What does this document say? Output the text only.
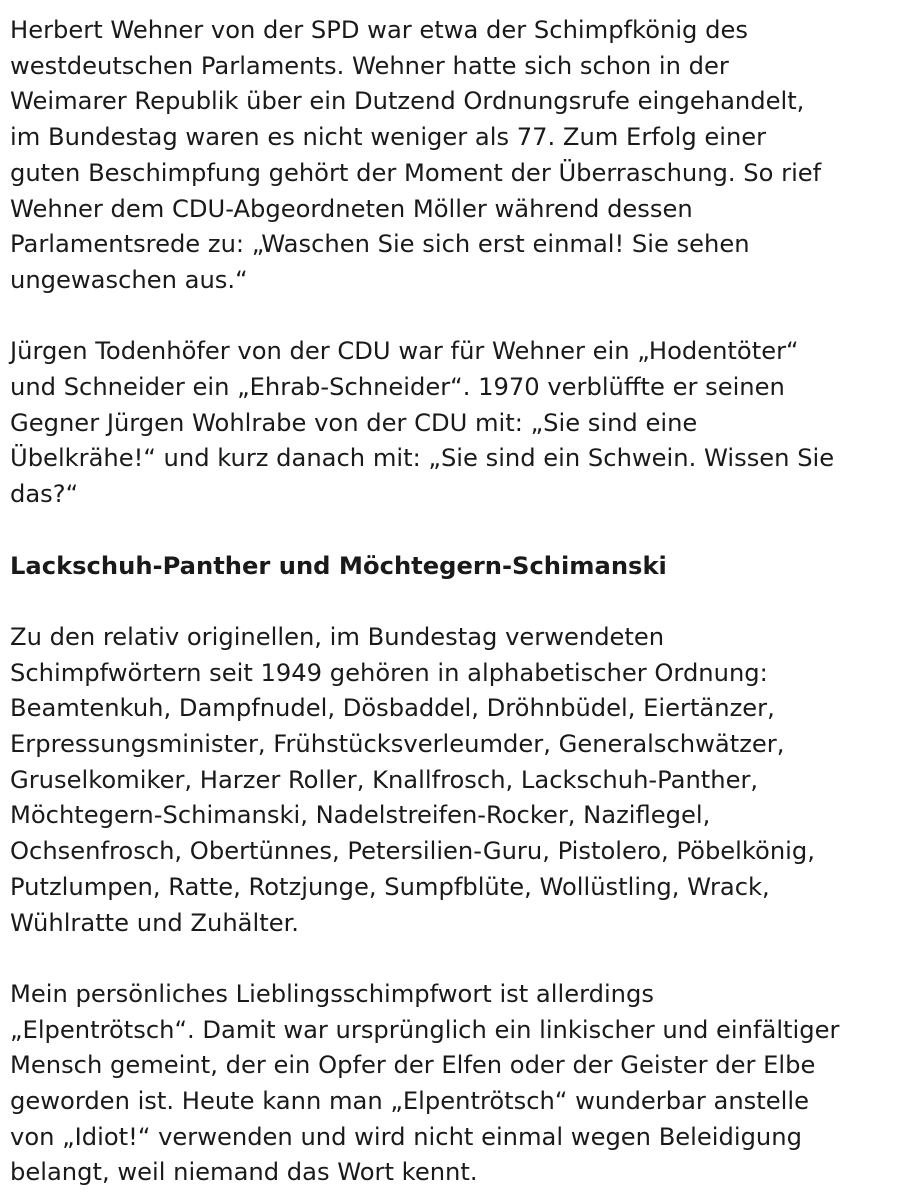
Herbert Wehner von der SPD war etwa der Schimpfkönig des
westdeutschen Parlaments. Wehner hatte sich schon in der
Weimarer Republik über ein Dutzend Ordnungsrufe eingehandelt,
im Bundestag waren es nicht weniger als 77. Zum Erfolg einer
guten Beschimpfung gehört der Moment der Überraschung. So rief
Wehner dem CDU-Abgeordneten Möller während dessen
Parlamentsrede zu: „Waschen Sie sich erst einmal! Sie sehen
ungewaschen aus.“

Jürgen Todenhöfer von der CDU war für Wehner ein „Hodentöter“
und Schneider ein „Ehrab-Schneider“. 1970 verblüffte er seinen
Gegner Jürgen Wohlrabe von der CDU mit: „Sie sind eine
Übelkrähe!“ und kurz danach mit: „Sie sind ein Schwein. Wissen Sie
das?“

Lackschuh-Panther und Möchtegern-Schimanski

Zu den relativ originellen, im Bundestag verwendeten
Schimpfwörtern seit 1949 gehören in alphabetischer Ordnung:
Beamtenkuh, Dampfnudel, Dösbaddel, Dröhnbüdel, Eiertänzer,
Erpressungsminister, Frühstücksverleumder, Generalschwätzer,
Gruselkomiker, Harzer Roller, Knallfrosch, Lackschuh-Panther,
Möchtegern-Schimanski, Nadelstreifen-Rocker, Naziflegel,
Ochsenfrosch, Obertünnes, Petersilien-Guru, Pistolero, Pöbelkönig,
Putzlumpen, Ratte, Rotzjunge, Sumpfblüte, Wollüstling, Wrack,
Wühlratte und Zuhälter.

Mein persönliches Lieblingsschimpfwort ist allerdings
„Elpentrötsch“. Damit war ursprünglich ein linkischer und einfältiger
Mensch gemeint, der ein Opfer der Elfen oder der Geister der Elbe
geworden ist. Heute kann man „Elpentrötsch“ wunderbar anstelle
von „Idiot!“ verwenden und wird nicht einmal wegen Beleidigung
belangt, weil niemand das Wort kennt.
